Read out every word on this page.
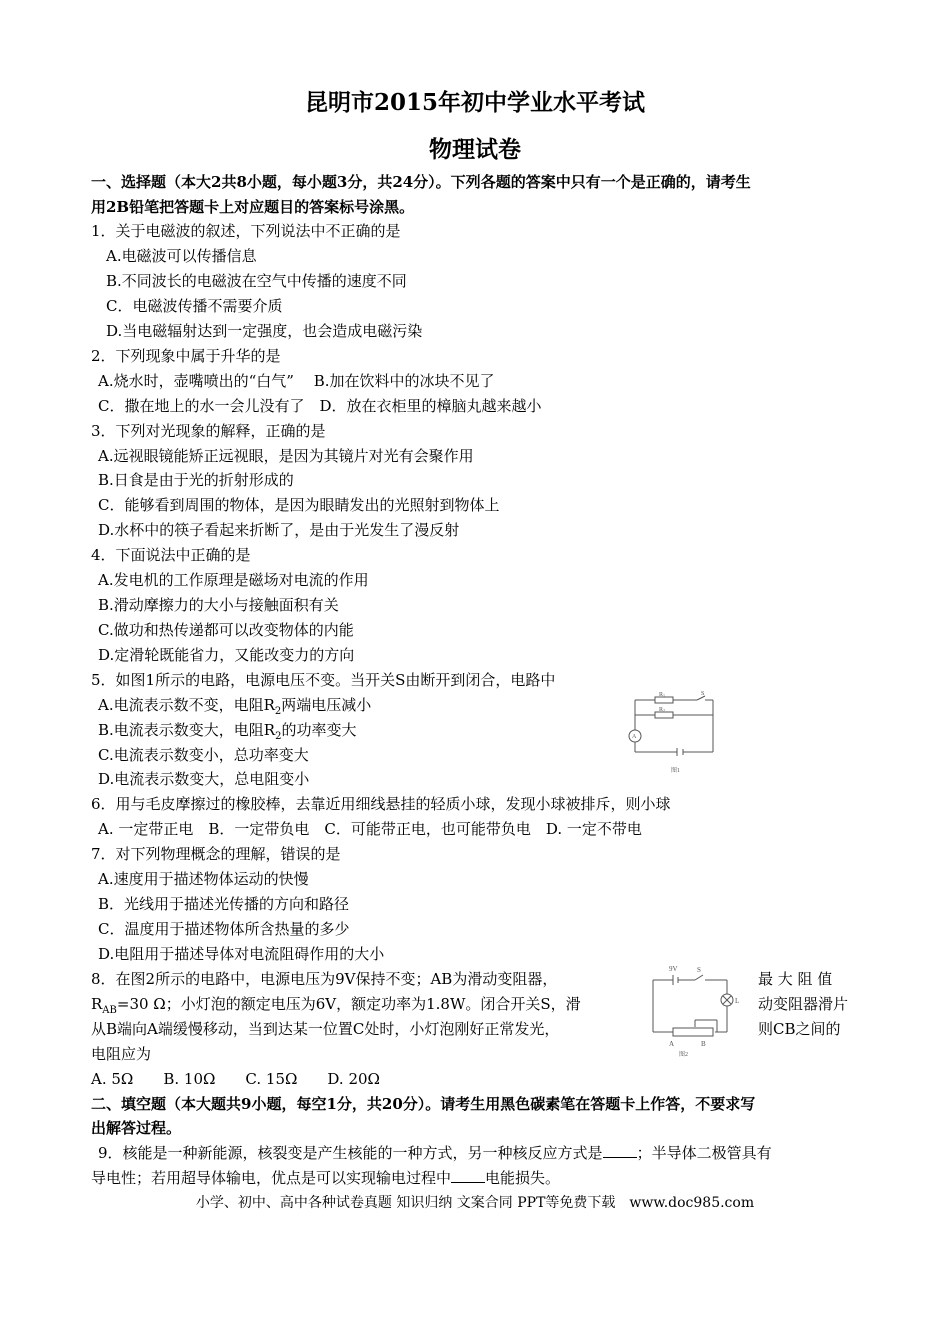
昆明市2015年初中学业水平考试
物理试卷
一、选择题（本大2共8小题，每小题3分，共24分）。下列各题的答案中只有一个是正确的，请考生
用2B铅笔把答题卡上对应题目的答案标号涂黑。
1．关于电磁波的叙述，下列说法中不正确的是
A.电磁波可以传播信息
B.不同波长的电磁波在空气中传播的速度不同
C．电磁波传播不需要介质
D.当电磁辐射达到一定强度，也会造成电磁污染
2．下列现象中属于升华的是
A.烧水时，壶嘴喷出的“白气”　 B.加在饮料中的冰块不见了
C．撒在地上的水一会儿没有了　D．放在衣柜里的樟脑丸越来越小
3．下列对光现象的解释，正确的是
A.远视眼镜能矫正远视眼，是因为其镜片对光有会聚作用
B.日食是由于光的折射形成的
C．能够看到周围的物体，是因为眼睛发出的光照射到物体上
D.水杯中的筷子看起来折断了，是由于光发生了漫反射
4．下面说法中正确的是
A.发电机的工作原理是磁场对电流的作用
B.滑动摩擦力的大小与接触面积有关
C.做功和热传递都可以改变物体的内能
D.定滑轮既能省力，又能改变力的方向
5．如图1所示的电路，电源电压不变。当开关S由断开到闭合，电路中
A.电流表示数不变，电阻$R_2$两端电压减小
B.电流表示数变大，电阻$R_2$的功率变大
C.电流表示数变小，总功率变大
D.电流表示数变大，总电阻变小
R1
R2
S
A
图1
6．用与毛皮摩擦过的橡胶棒，去靠近用细线悬挂的轻质小球，发现小球被排斥，则小球
A. 一定带正电　B．一定带负电　C．可能带正电，也可能带负电　D. 一定不带电
7．对下列物理概念的理解，错误的是
A.速度用于描述物体运动的快慢
B．光线用于描述光传播的方向和路径
C．温度用于描述物体所含热量的多少
D.电阻用于描述导体对电流阻碍作用的大小
8．在图2所示的电路中，电源电压为9V保持不变；AB为滑动变阻器，	最 大 阻 值
$R_{AB}=30$ Ω；小灯泡的额定电压为6V，额定功率为1.8W。闭合开关S，滑	动变阻器滑片
从B端向A端缓慢移动，当到达某一位置C处时，小灯泡刚好正常发光，	则CB之间的
电阻应为
A. 5Ω　　B. 10Ω　　C. 15Ω　　D. 20Ω
9V	S
L
A	B
图2
二、填空题（本大题共9小题，每空1分，共20分）。请考生用黑色碳素笔在答题卡上作答，不要求写
出解答过程。
9．核能是一种新能源，核裂变是产生核能的一种方式，另一种核反应方式是 ；半导体二极管具有
导电性；若用超导体输电，优点是可以实现输电过程中 电能损失。
小学、初中、高中各种试卷真题 知识归纳 文案合同 PPT等免费下载　www.doc985.com
